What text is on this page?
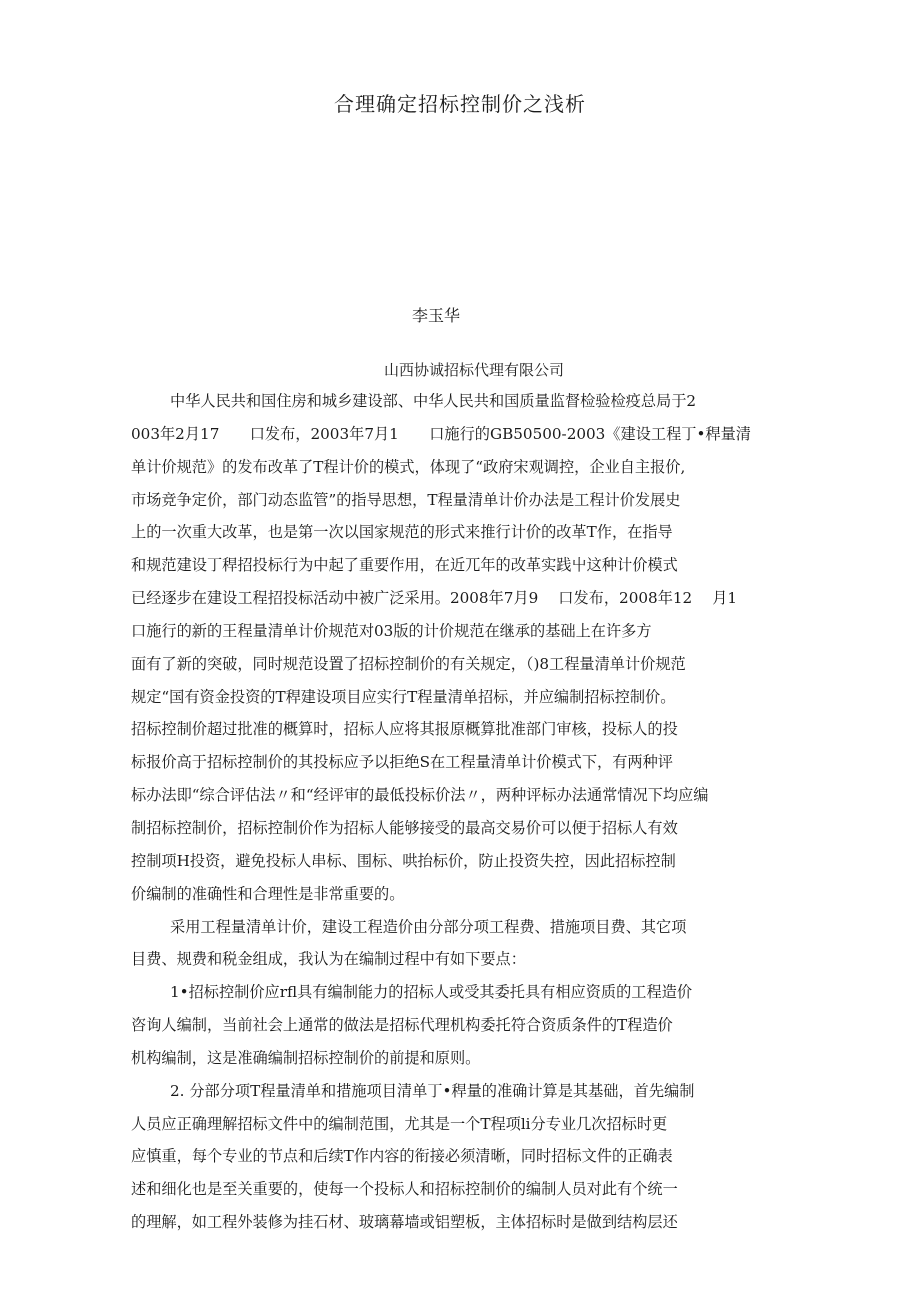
合理确定招标控制价之浅析
李玉华
山西协诚招标代理有限公司
中华人民共和国住房和城乡建设部、中华人民共和国质量监督检验检疫总局于2
003年2月17　　口发布，2003年7月1　　口施行的GB50500-2003《建设工程丁•稈量清
单计价规范》的发布改革了T程计价的模式，体现了“政府宋观调控，企业自主报价,
市场竞争定价，部门动态监管”的指导思想，T程量清单计价办法是工程计价发展史
上的一次重大改革，也是第一次以国家规范的形式来推行计价的改革T作，在指导
和规范建设丁稈招投标行为中起了重要作用，在近兀年的改革实践屮这种计价模式
已经逐步在建设工程招投标活动中被广泛采用。2008年7月9　 口发布，2008年12　 月1
口施行的新的王程量清单计价规范对03版的计价规范在继承的基础上在许多方
面有了新的突破，同时规范设置了招标控制价的有关规定，（)8工程量清单计价规范
规定“国有资金投资的T稈建设项目应实行T程量清单招标，并应编制招标控制价。
招标控制价超过批准的概算时，招标人应将其报原概算批准部门审核，投标人的投
标报价高于招标控制价的其投标应予以拒绝S在工程量清单计价模式下，有两种评
标办法即“综合评估法〃和“经评审的最低投标价法〃，两种评标办法通常情况下均应编
制招标控制价，招标控制价作为招标人能够接受的最高交易价可以便于招标人有效
控制项H投资，避免投标人串标、围标、哄抬标价，防止投资失控，因此招标控制
价编制的准确性和合理性是非常重要的。
采用工程量清单计价，建设工程造价由分部分项工程费、措施项目费、其它项
目费、规费和税金组成，我认为在编制过程中有如下要点：
1•招标控制价应rfl具有编制能力的招标人或受其委托具有相应资质的工程造价
咨询人编制，当前社会上通常的做法是招标代理机构委托符合资质条件的T程造价
机构编制，这是准确编制招标控制价的前提和原则。
2. 分部分项T程量清单和措施项目清单丁•稈量的准确计算是其基础，首先编制
人员应正确理解招标文件中的编制范围，尤其是一个T程项li分专业几次招标时更
应慎重，每个专业的节点和后续T作内容的衔接必须清晰，同时招标文件的正确表
述和细化也是至关重要的，使每一个投标人和招标控制价的编制人员对此有个统一
的理解，如工程外装修为挂石材、玻璃幕墙或铝塑板，主体招标时是做到结构层还
